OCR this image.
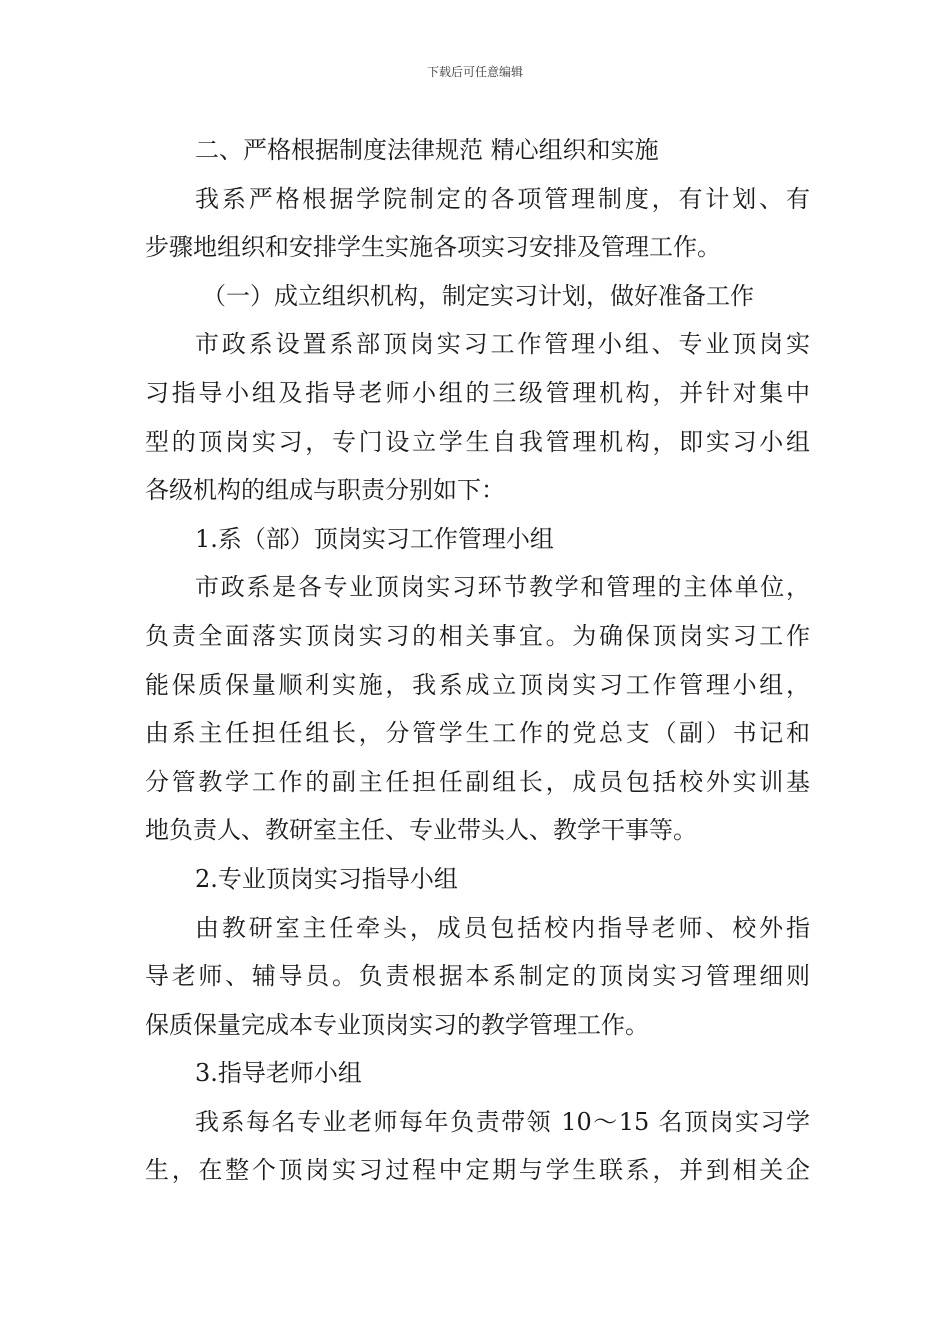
下载后可任意编辑
二、严格根据制度法律规范 精心组织和实施
我系严格根据学院制定的各项管理制度，有计划、有
步骤地组织和安排学生实施各项实习安排及管理工作。
（一）成立组织机构，制定实习计划，做好准备工作
市政系设置系部顶岗实习工作管理小组、专业顶岗实
习指导小组及指导老师小组的三级管理机构，并针对集中
型的顶岗实习，专门设立学生自我管理机构，即实习小组
各级机构的组成与职责分别如下：
1.系（部）顶岗实习工作管理小组
市政系是各专业顶岗实习环节教学和管理的主体单位，
负责全面落实顶岗实习的相关事宜。为确保顶岗实习工作
能保质保量顺利实施，我系成立顶岗实习工作管理小组，
由系主任担任组长，分管学生工作的党总支（副）书记和
分管教学工作的副主任担任副组长，成员包括校外实训基
地负责人、教研室主任、专业带头人、教学干事等。
2.专业顶岗实习指导小组
由教研室主任牵头，成员包括校内指导老师、校外指
导老师、辅导员。负责根据本系制定的顶岗实习管理细则
保质保量完成本专业顶岗实习的教学管理工作。
3.指导老师小组
我系每名专业老师每年负责带领 10～15 名顶岗实习学
生，在整个顶岗实习过程中定期与学生联系，并到相关企
